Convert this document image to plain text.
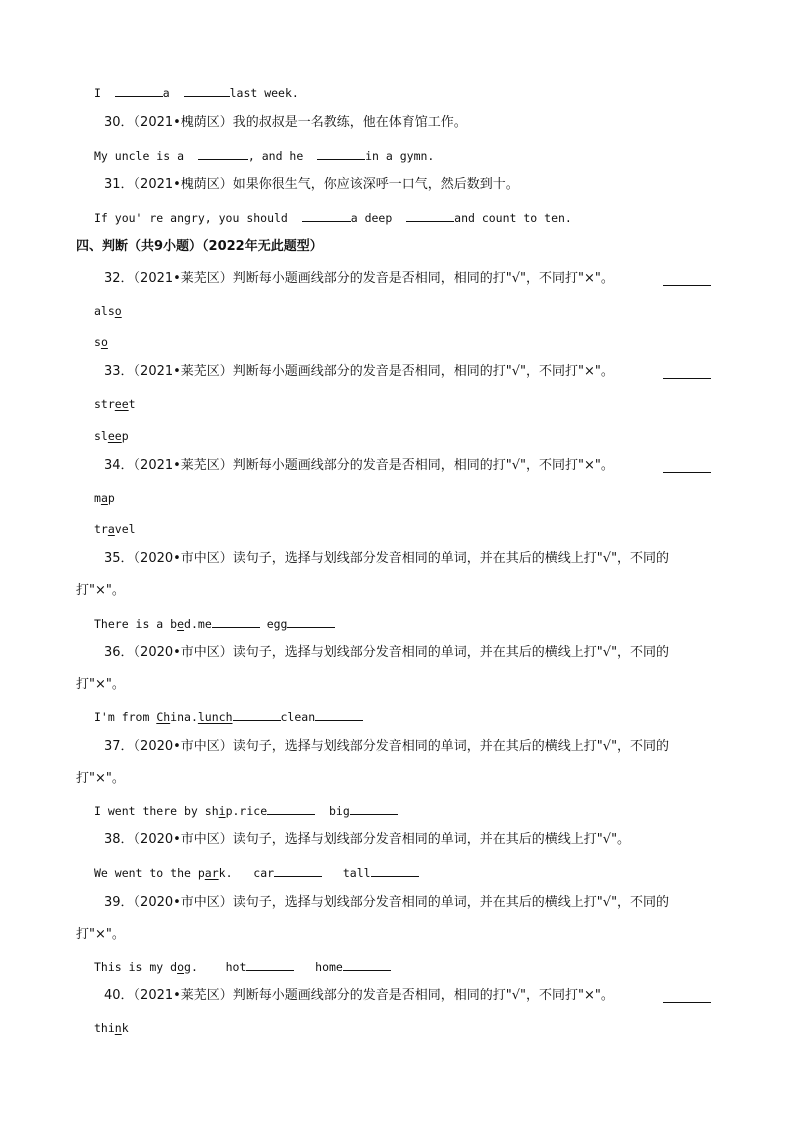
I	a	last week.
30．（2021•槐荫区）我的叔叔是一名教练，他在体育馆工作。
My uncle is a	, and he	in a gymn.
31．（2021•槐荫区）如果你很生气，你应该深呼一口气，然后数到十。
If you' re angry, you should	a deep	and count to ten.
四、判断（共9小题）（2022年无此题型）
32．（2021•莱芜区）判断每小题画线部分的发音是否相同，相同的打"√"，不同打"×"。
also
so
33．（2021•莱芜区）判断每小题画线部分的发音是否相同，相同的打"√"，不同打"×"。
street
sleep
34．（2021•莱芜区）判断每小题画线部分的发音是否相同，相同的打"√"，不同打"×"。
map
travel
35．（2020•市中区）读句子，选择与划线部分发音相同的单词，并在其后的横线上打"√"，不同的
打"×"。
There is a bed.me	egg
36．（2020•市中区）读句子，选择与划线部分发音相同的单词，并在其后的横线上打"√"，不同的
打"×"。
I'm from China.lunch	clean
37．（2020•市中区）读句子，选择与划线部分发音相同的单词，并在其后的横线上打"√"，不同的
打"×"。
I went there by ship.rice	big
38．（2020•市中区）读句子，选择与划线部分发音相同的单词，并在其后的横线上打"√"。
We went to the park. car	tall
39．（2020•市中区）读句子，选择与划线部分发音相同的单词，并在其后的横线上打"√"，不同的
打"×"。
This is my dog. hot	home
40．（2021•莱芜区）判断每小题画线部分的发音是否相同，相同的打"√"，不同打"×"。
think
